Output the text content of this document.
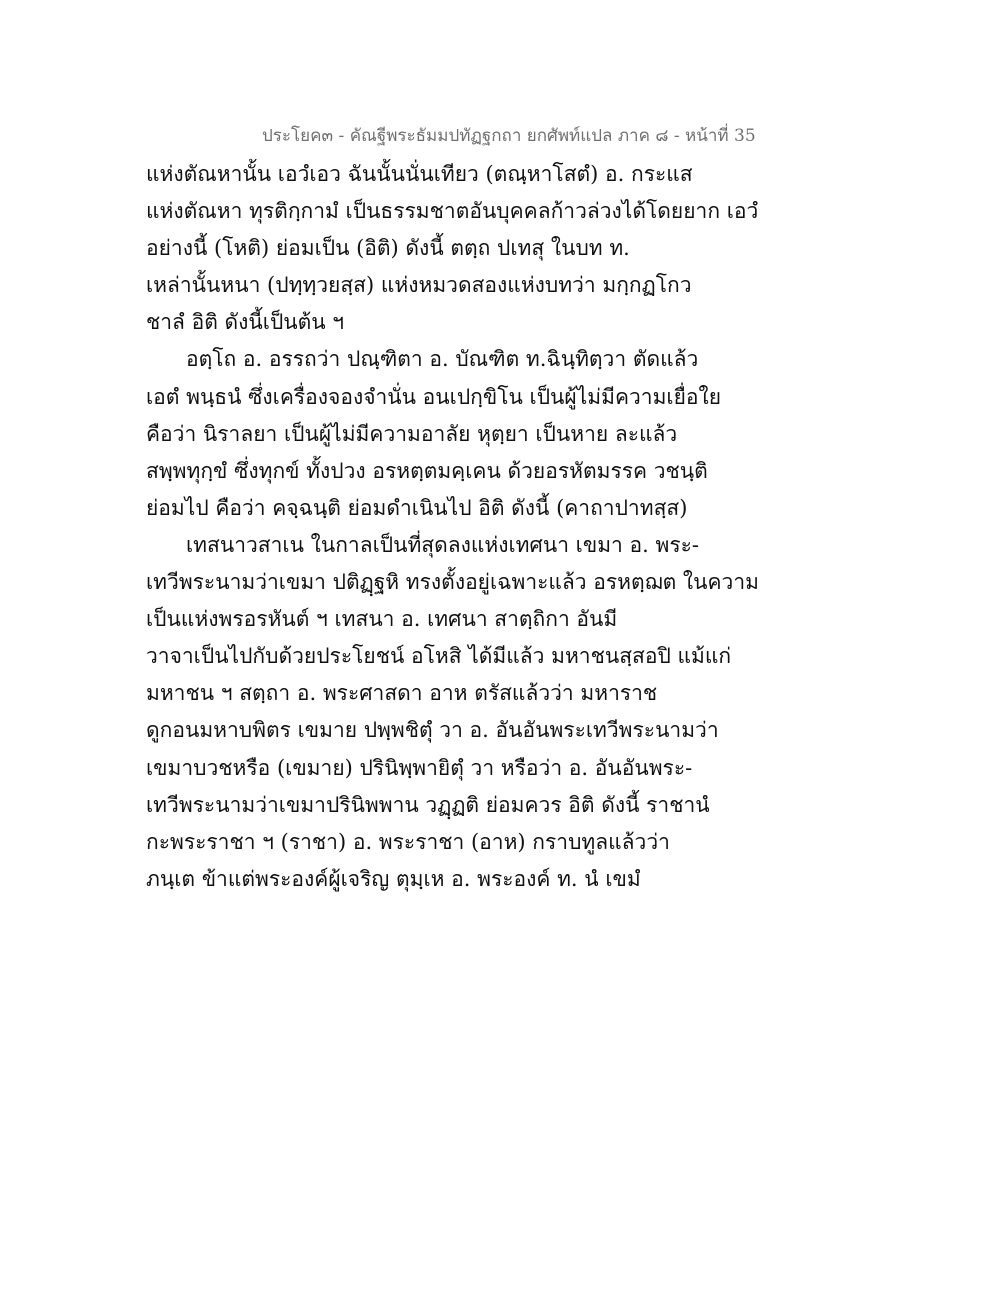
ประโยค๓ - คัณฐีพระธัมมปทัฏฐกถา ยกศัพท์แปล ภาค ๘ - หน้าที่ 35
แห่งตัณหานั้น เอวํเอว ฉันนั้นนั่นเทียว (ตณฺหาโสตํ) อ. กระแส
แห่งตัณหา ทุรติกฺกามํ เป็นธรรมชาตอันบุคคลก้าวล่วงได้โดยยาก เอวํ
อย่างนี้ (โหติ) ย่อมเป็น (อิติ) ดังนี้ ตตฺถ ปเทสุ ในบท ท.
เหล่านั้นหนา (ปทฺทฺวยสฺส) แห่งหมวดสองแห่งบทว่า มกฺกฏโกว
ชาลํ อิติ ดังนี้เป็นต้น ฯ
อตฺโถ อ. อรรถว่า ปณฺฑิตา อ. บัณฑิต ท.ฉินฺทิตฺวา ตัดแล้ว
เอตํ พนฺธนํ ซึ่งเครื่องจองจำนั่น อนเปกฺขิโน เป็นผู้ไม่มีความเยื่อใย
คือว่า นิราลยา เป็นผู้ไม่มีความอาลัย หุตฺยา เป็นหาย ละแล้ว
สพฺพทุกฺขํ ซึ่งทุกข์ ทั้งปวง อรหตฺตมคฺเคน ด้วยอรหัตมรรค วชนฺติ
ย่อมไป คือว่า คจฺฉนฺติ ย่อมดำเนินไป อิติ ดังนี้ (คาถาปาทสฺส)
เทสนาวสาเน ในกาลเป็นที่สุดลงแห่งเทศนา เขมา อ. พระ-
เทวีพระนามว่าเขมา ปติฏฺฐหิ ทรงตั้งอยู่เฉพาะแล้ว อรหตฺฌต ในความ
เป็นแห่งพรอรหันต์ ฯ เทสนา อ. เทศนา สาตฺถิกา อันมี
วาจาเป็นไปกับด้วยประโยชน์ อโหสิ ได้มีแล้ว มหาชนสฺสอปิ แม้แก่
มหาชน ฯ สตฺถา อ. พระศาสดา อาห ตรัสแล้วว่า มหาราช
ดูกอนมหาบพิตร เขมาย ปพฺพชิตุํ วา อ. อันอันพระเทวีพระนามว่า
เขมาบวชหรือ (เขมาย) ปรินิพฺพายิตุํ วา หรือว่า อ. อันอันพระ-
เทวีพระนามว่าเขมาปรินิพพาน วฏฺฏติ ย่อมควร อิติ ดังนี้ ราชานํ
กะพระราชา ฯ (ราชา) อ. พระราชา (อาห) กราบทูลแล้วว่า
ภนฺเต ข้าแต่พระองค์ผู้เจริญ ตุมฺเห อ. พระองค์ ท. นํ เขมํ
